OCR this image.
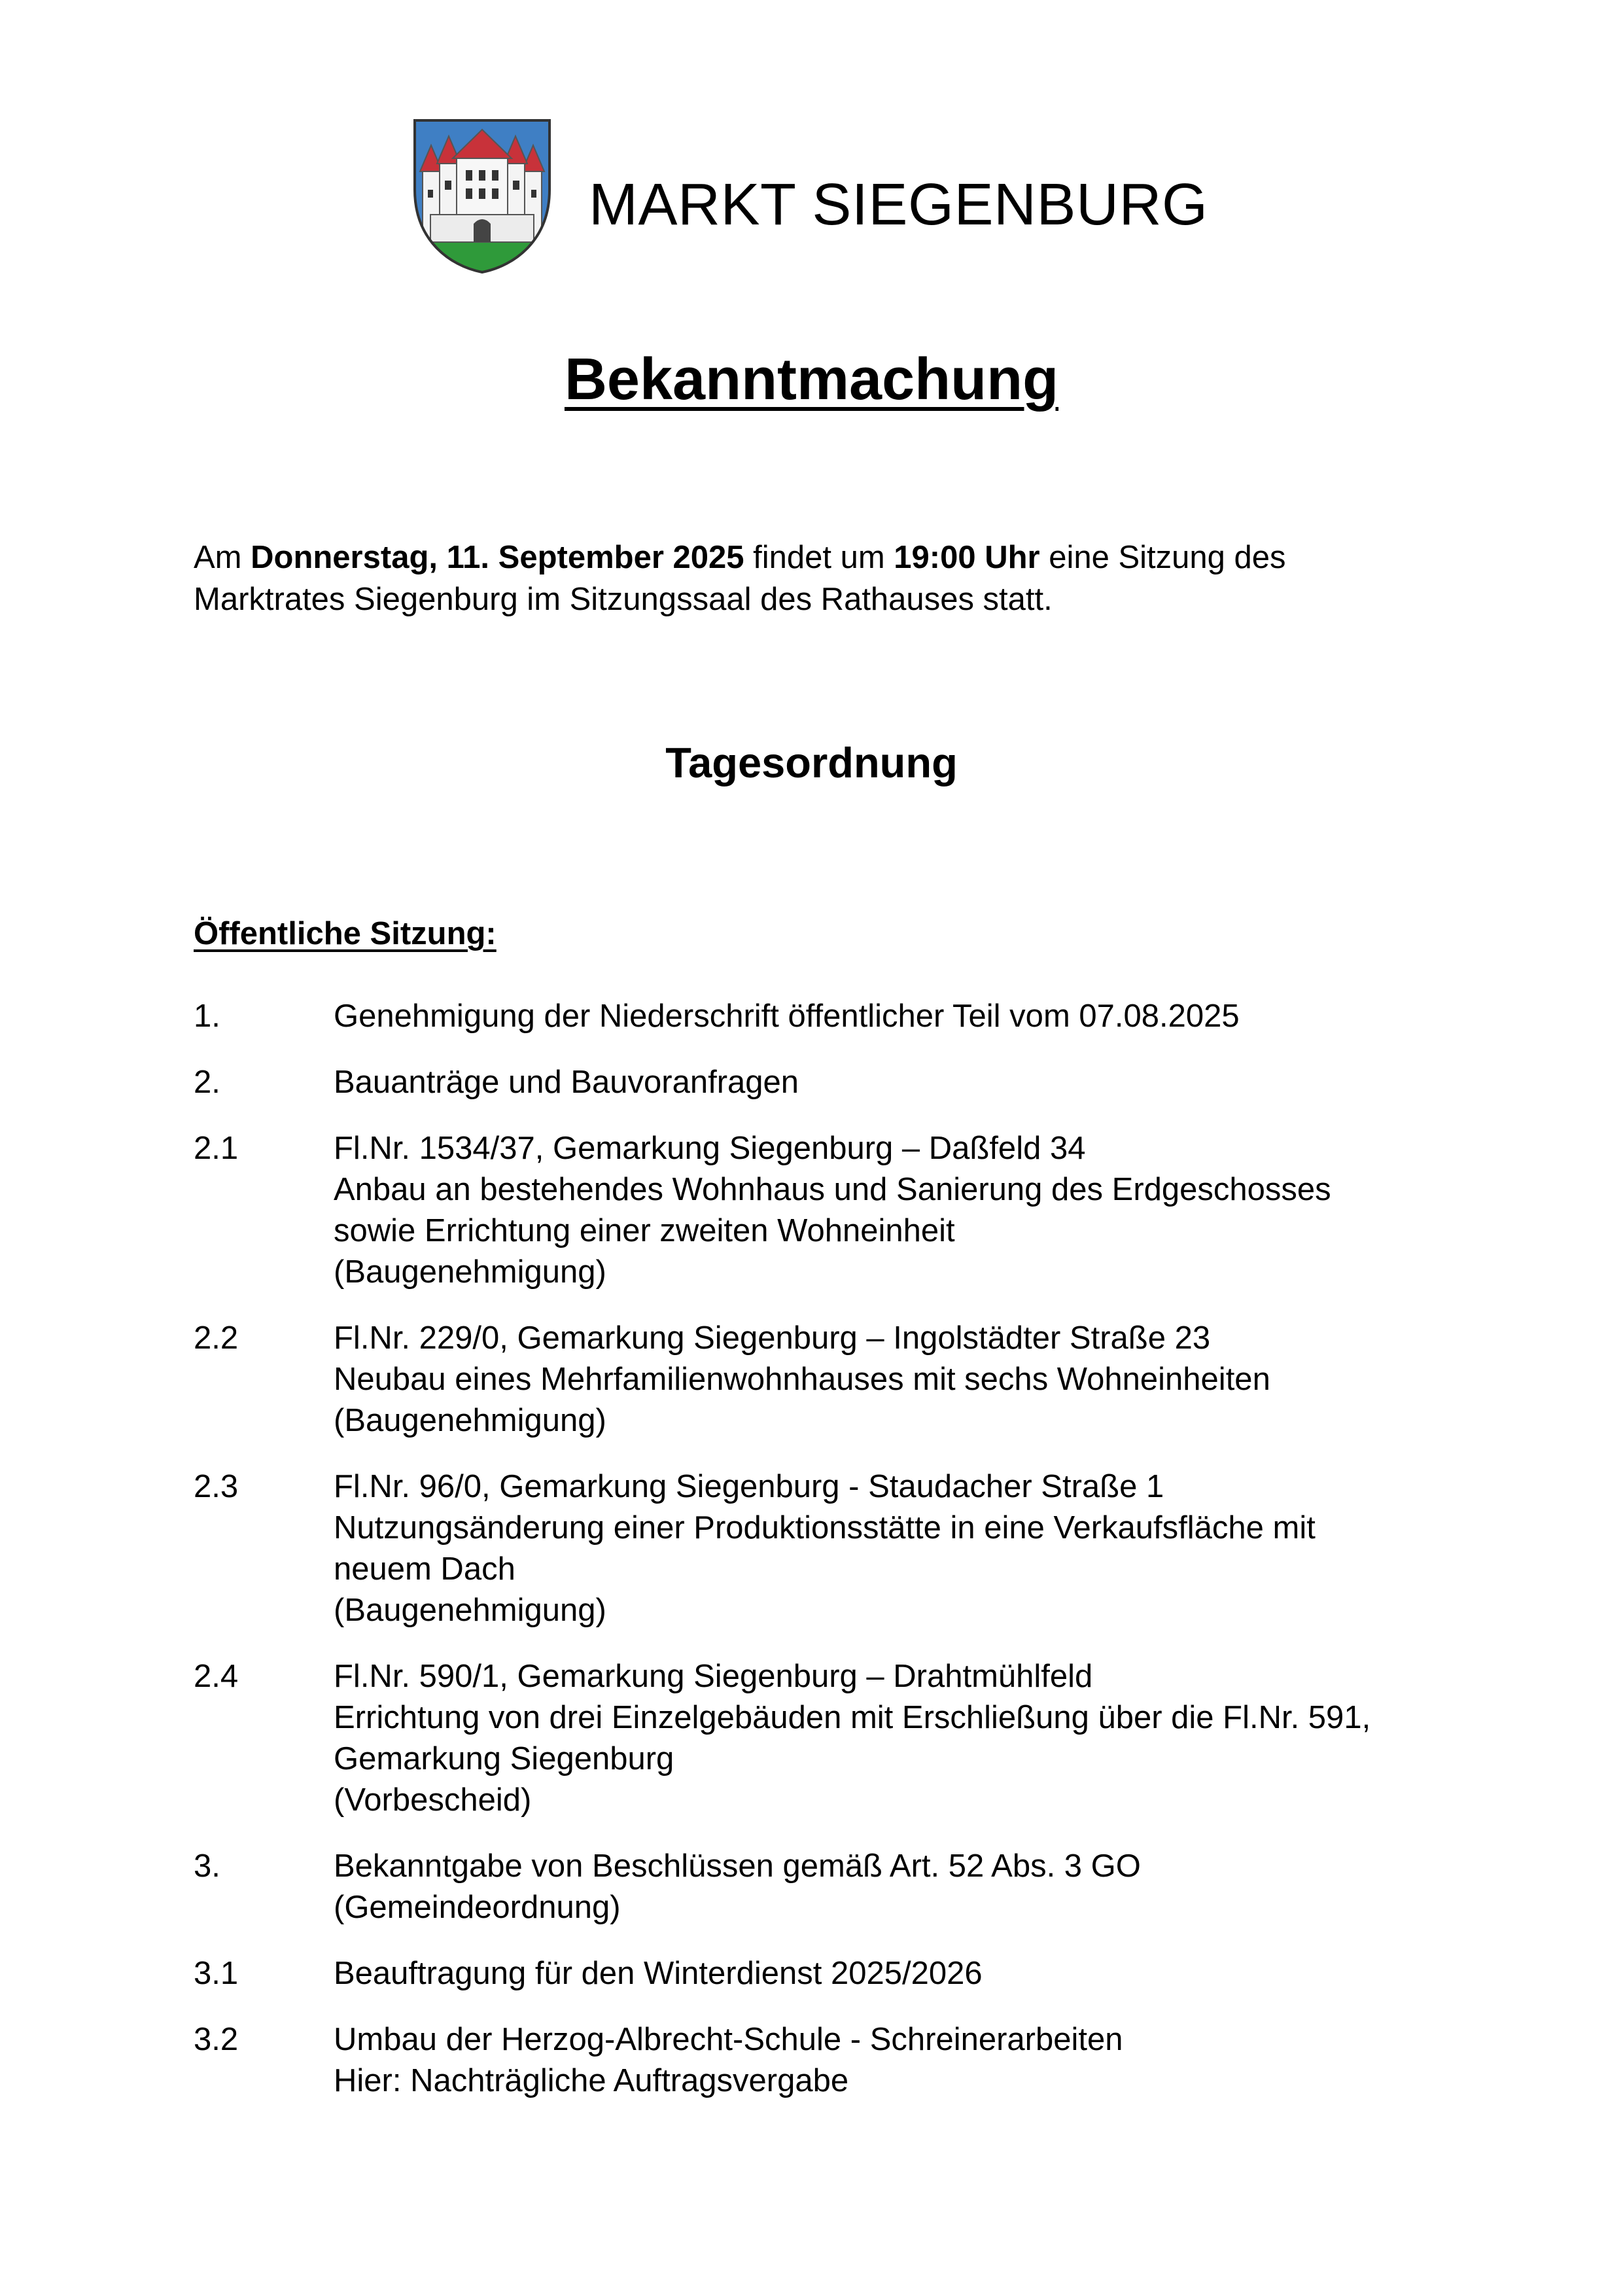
MARKT SIEGENBURG
Bekanntmachung
Am Donnerstag, 11. September 2025 findet um 19:00 Uhr eine Sitzung des
Marktrates Siegenburg im Sitzungssaal des Rathauses statt.
Tagesordnung
Öffentliche Sitzung:
1.	Genehmigung der Niederschrift öffentlicher Teil vom 07.08.2025
2.	Bauanträge und Bauvoranfragen
2.1	Fl.Nr. 1534/37, Gemarkung Siegenburg – Daßfeld 34
Anbau an bestehendes Wohnhaus und Sanierung des Erdgeschosses
sowie Errichtung einer zweiten Wohneinheit
(Baugenehmigung)
2.2	Fl.Nr. 229/0, Gemarkung Siegenburg – Ingolstädter Straße 23
Neubau eines Mehrfamilienwohnhauses mit sechs Wohneinheiten
(Baugenehmigung)
2.3	Fl.Nr. 96/0, Gemarkung Siegenburg - Staudacher Straße 1
Nutzungsänderung einer Produktionsstätte in eine Verkaufsfläche mit
neuem Dach
(Baugenehmigung)
2.4	Fl.Nr. 590/1, Gemarkung Siegenburg – Drahtmühlfeld
Errichtung von drei Einzelgebäuden mit Erschließung über die Fl.Nr. 591,
Gemarkung Siegenburg
(Vorbescheid)
3.	Bekanntgabe von Beschlüssen gemäß Art. 52 Abs. 3 GO
(Gemeindeordnung)
3.1	Beauftragung für den Winterdienst 2025/2026
3.2	Umbau der Herzog-Albrecht-Schule - Schreinerarbeiten
Hier: Nachträgliche Auftragsvergabe
